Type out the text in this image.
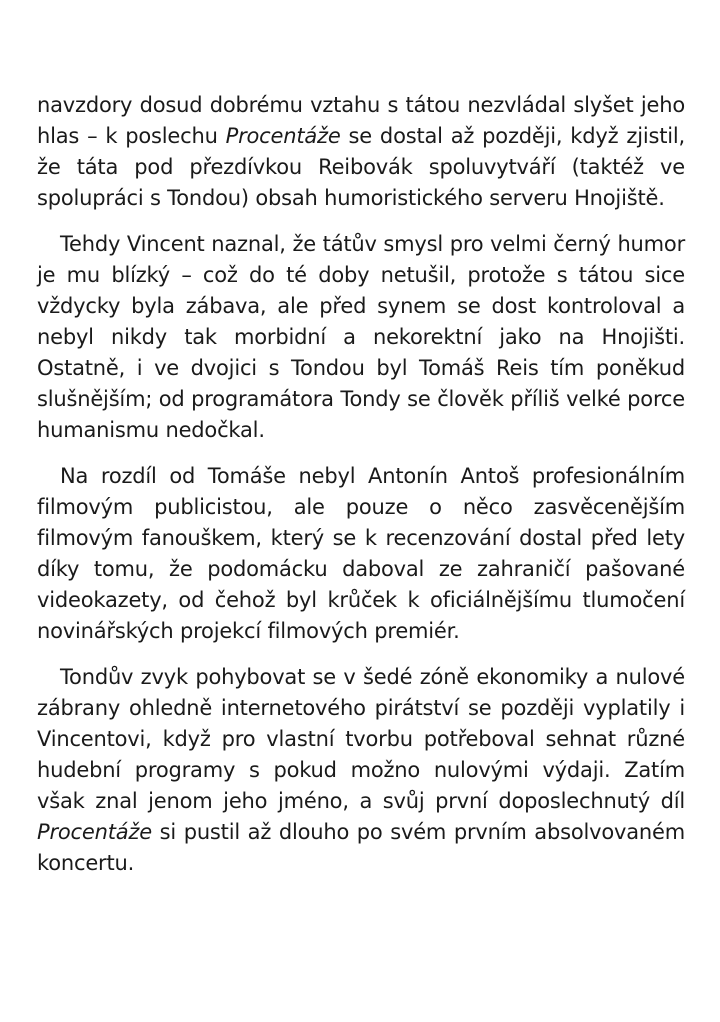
navzdory dosud dobrému vztahu s tátou nezvládal slyšet jeho hlas – k poslechu Procentáže se dostal až později, když zjistil, že táta pod přezdívkou Reibovák spoluvytváří (taktéž ve spolupráci s Tondou) obsah humoristického serveru Hnojiště.

Tehdy Vincent naznal, že tátův smysl pro velmi černý humor je mu blízký – což do té doby netušil, protože s tátou sice vždycky byla zábava, ale před synem se dost kontroloval a nebyl nikdy tak morbidní a nekorektní jako na Hnojišti. Ostatně, i ve dvojici s Tondou byl Tomáš Reis tím poněkud slušnějším; od programátora Tondy se člověk příliš velké porce humanismu nedočkal.

Na rozdíl od Tomáše nebyl Antonín Antoš profesionálním filmovým publicistou, ale pouze o něco zasvěcenějším filmovým fanouškem, který se k recenzování dostal před lety díky tomu, že podomácku daboval ze zahraničí pašované videokazety, od čehož byl krůček k oficiálnějšímu tlumočení novinářských projekcí filmových premiér.

Tondův zvyk pohybovat se v šedé zóně ekonomiky a nulové zábrany ohledně internetového pirátství se později vyplatily i Vincentovi, když pro vlastní tvorbu potřeboval sehnat různé hudební programy s pokud možno nulovými výdaji. Zatím však znal jenom jeho jméno, a svůj první doposlechnutý díl Procentáže si pustil až dlouho po svém prvním absolvovaném koncertu.
